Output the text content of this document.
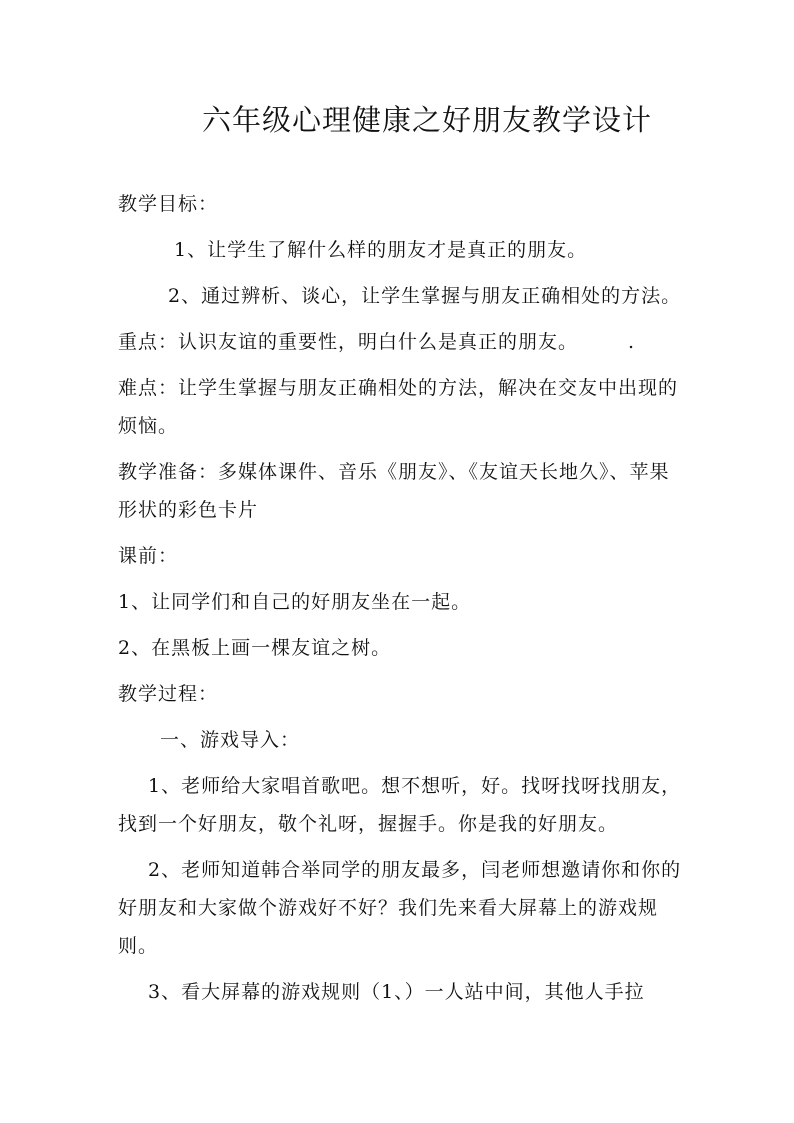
六年级心理健康之好朋友教学设计

教学目标：

1、让学生了解什么样的朋友才是真正的朋友。

2、通过辨析、谈心，让学生掌握与朋友正确相处的方法。

重点：认识友谊的重要性，明白什么是真正的朋友。	.

难点：让学生掌握与朋友正确相处的方法，解决在交友中出现的烦恼。

教学准备：多媒体课件、音乐《朋友》、《友谊天长地久》、苹果形状的彩色卡片

课前：

1、让同学们和自己的好朋友坐在一起。

2、在黑板上画一棵友谊之树。

教学过程：

一、游戏导入：

1、老师给大家唱首歌吧。想不想听，好。找呀找呀找朋友，找到一个好朋友，敬个礼呀，握握手。你是我的好朋友。

2、老师知道韩合举同学的朋友最多，闫老师想邀请你和你的好朋友和大家做个游戏好不好？我们先来看大屏幕上的游戏规则。

3、看大屏幕的游戏规则（1、）一人站中间，其他人手拉
